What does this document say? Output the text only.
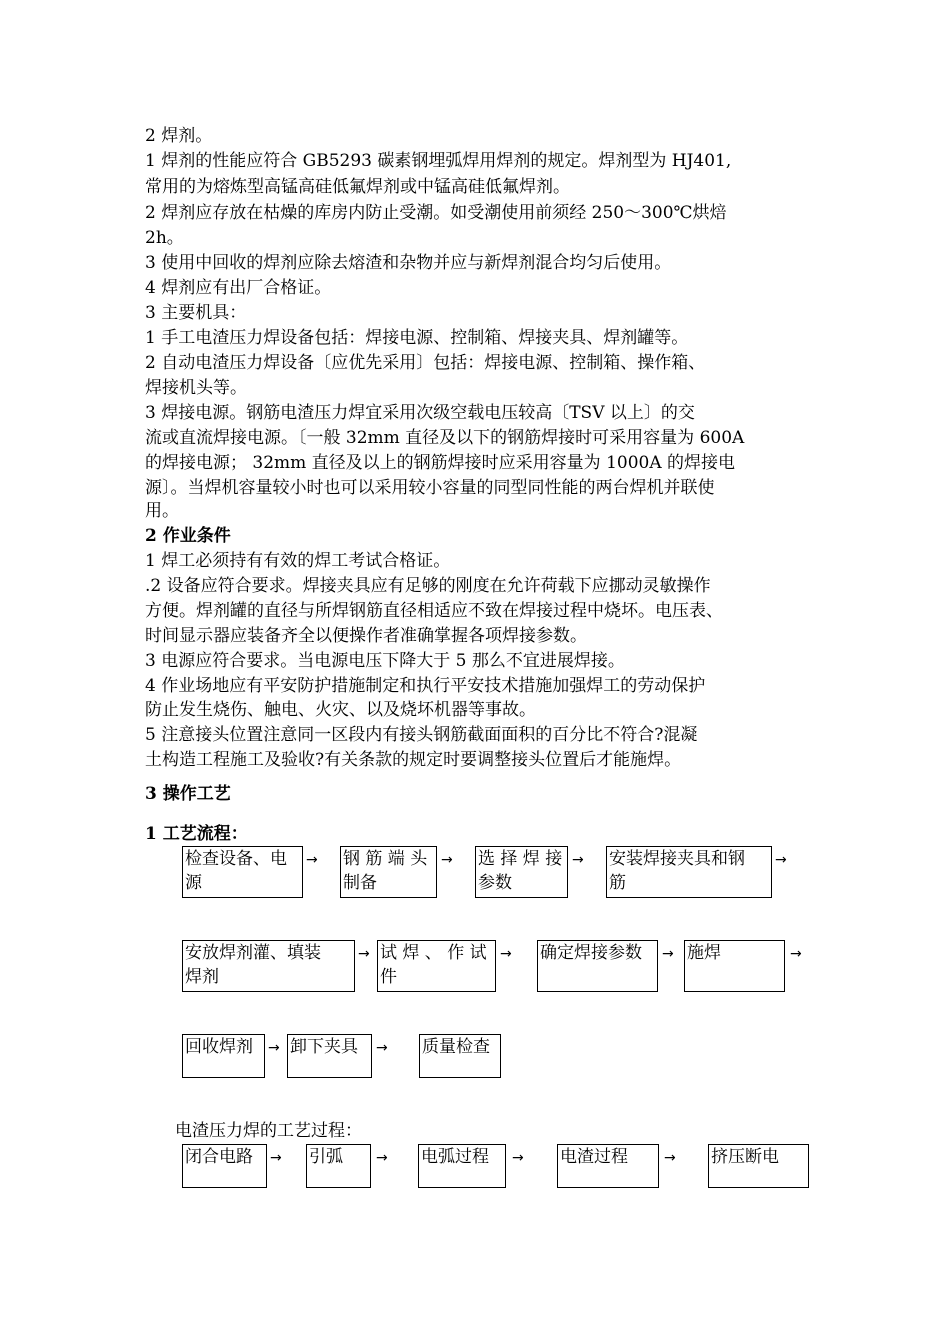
2 焊剂。
1 焊剂的性能应符合 GB5293 碳素钢埋弧焊用焊剂的规定。焊剂型为 HJ401,
常用的为熔炼型高锰高硅低氟焊剂或中锰高硅低氟焊剂。
2 焊剂应存放在枯燥的库房内防止受潮。如受潮使用前须经 250～300℃烘焙
2h。
3 使用中回收的焊剂应除去熔渣和杂物并应与新焊剂混合均匀后使用。
4 焊剂应有出厂合格证。
3 主要机具：
1 手工电渣压力焊设备包括：焊接电源、控制箱、焊接夹具、焊剂罐等。
2 自动电渣压力焊设备〔应优先采用〕包括：焊接电源、控制箱、操作箱、
焊接机头等。
3 焊接电源。钢筋电渣压力焊宜采用次级空载电压较高〔TSV 以上〕的交
流或直流焊接电源。〔一般 32mm 直径及以下的钢筋焊接时可采用容量为 600A
的焊接电源； 32mm 直径及以上的钢筋焊接时应采用容量为 1000A 的焊接电
源〕。当焊机容量较小时也可以采用较小容量的同型同性能的两台焊机并联使
用。
2 作业条件
1 焊工必须持有有效的焊工考试合格证。
.2 设备应符合要求。焊接夹具应有足够的刚度在允许荷载下应挪动灵敏操作
方便。焊剂罐的直径与所焊钢筋直径相适应不致在焊接过程中烧坏。电压表、
时间显示器应装备齐全以便操作者准确掌握各项焊接参数。
3 电源应符合要求。当电源电压下降大于 5 那么不宜进展焊接。
4 作业场地应有平安防护措施制定和执行平安技术措施加强焊工的劳动保护
防止发生烧伤、触电、火灾、以及烧坏机器等事故。
5 注意接头位置注意同一区段内有接头钢筋截面面积的百分比不符合?混凝
土构造工程施工及验收?有关条款的规定时要调整接头位置后才能施焊。
3 操作工艺
1 工艺流程：
检查设备、电
源
→ 钢 筋 端 头
制备
→ 选 择 焊 接
参数
→ 安装焊接夹具和钢
筋
→
安放焊剂灌、填装
焊剂
→ 试 焊 、 作 试
件
→ 确定焊接参数	→ 施焊	→
回收焊剂	→ 卸下夹具	→ 质量检查
电渣压力焊的工艺过程：
闭合电路	→ 引弧	→ 电弧过程	→ 电渣过程	→ 挤压断电
